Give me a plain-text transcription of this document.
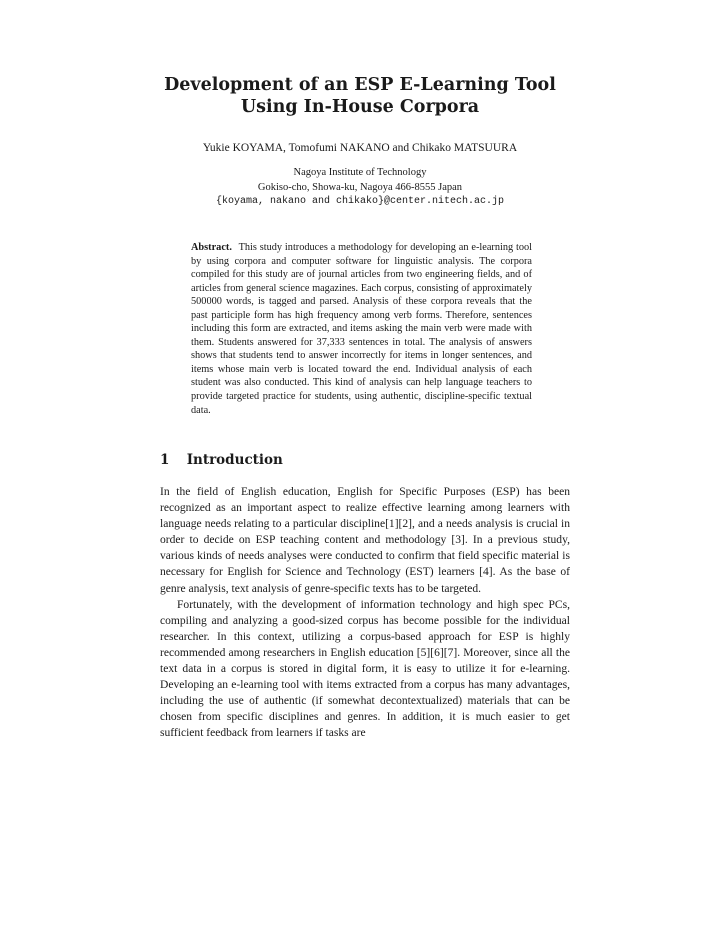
Development of an ESP E-Learning Tool
Using In-House Corpora
Yukie KOYAMA, Tomofumi NAKANO and Chikako MATSUURA
Nagoya Institute of Technology
Gokiso-cho, Showa-ku, Nagoya 466-8555 Japan
{koyama, nakano and chikako}@center.nitech.ac.jp
Abstract. This study introduces a methodology for developing an e-learning tool by using corpora and computer software for linguistic analysis. The corpora compiled for this study are of journal articles from two engineering fields, and of articles from general science magazines. Each corpus, consisting of approximately 500000 words, is tagged and parsed. Analysis of these corpora reveals that the past participle form has high frequency among verb forms. Therefore, sentences including this form are extracted, and items asking the main verb were made with them. Students answered for 37,333 sentences in total. The analysis of answers shows that students tend to answer incorrectly for items in longer sentences, and items whose main verb is located toward the end. Individual analysis of each student was also conducted. This kind of analysis can help language teachers to provide targeted practice for students, using authentic, discipline-specific textual data.
1 Introduction

In the field of English education, English for Specific Purposes (ESP) has been recognized as an important aspect to realize effective learning among learners with language needs relating to a particular discipline[1][2], and a needs analysis is crucial in order to decide on ESP teaching content and methodology [3]. In a previous study, various kinds of needs analyses were conducted to confirm that field specific material is necessary for English for Science and Technology (EST) learners [4]. As the base of genre analysis, text analysis of genre-specific texts has to be targeted.

Fortunately, with the development of information technology and high spec PCs, compiling and analyzing a good-sized corpus has become possible for the individual researcher. In this context, utilizing a corpus-based approach for ESP is highly recommended among researchers in English education [5][6][7]. Moreover, since all the text data in a corpus is stored in digital form, it is easy to utilize it for e-learning. Developing an e-learning tool with items extracted from a corpus has many advantages, including the use of authentic (if somewhat decontextualized) materials that can be chosen from specific disciplines and genres. In addition, it is much easier to get sufficient feedback from learners if tasks are
